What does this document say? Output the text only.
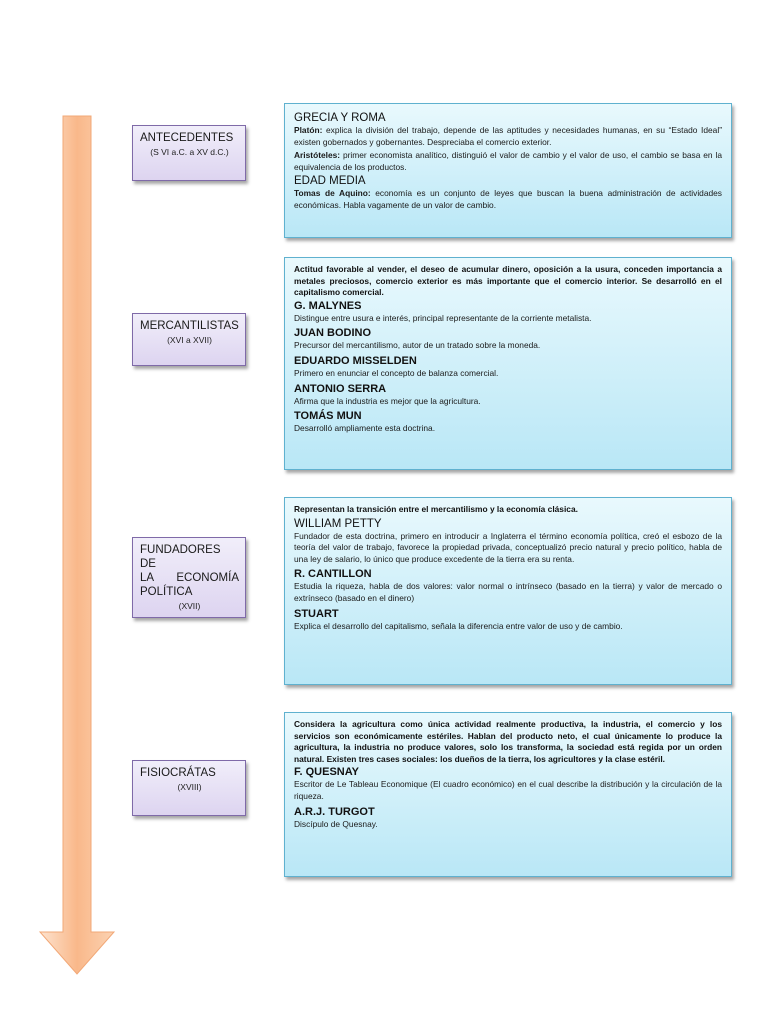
ANTECEDENTES
(S VI a.C. a XV d.C.)
GRECIA Y ROMA
Platón: explica la división del trabajo, depende de las aptitudes y necesidades humanas, en su “Estado Ideal” existen gobernados y gobernantes. Despreciaba el comercio exterior.
Aristóteles: primer economista analítico, distinguió el valor de cambio y el valor de uso, el cambio se basa en la equivalencia de los productos.
EDAD MEDIA
Tomas de Aquino: economía es un conjunto de leyes que buscan la buena administración de actividades económicas. Habla vagamente de un valor de cambio.
MERCANTILISTAS
(XVI a XVII)
Actitud favorable al vender, el deseo de acumular dinero, oposición a la usura, conceden importancia a metales preciosos, comercio exterior es más importante que el comercio interior. Se desarrolló en el capitalismo comercial.
G. MALYNES
Distingue entre usura e interés, principal representante de la corriente metalista.
JUAN BODINO
Precursor del mercantilismo, autor de un tratado sobre la moneda.
EDUARDO MISSELDEN
Primero en enunciar el concepto de balanza comercial.
ANTONIO SERRA
Afirma que la industria es mejor que la agricultura.
TOMÁS MUN
Desarrolló ampliamente esta doctrina.
FUNDADORES DE
LA ECONOMÍA
POLÍTICA
(XVII)
Representan la transición entre el mercantilismo y la economía clásica.
WILLIAM PETTY
Fundador de esta doctrina, primero en introducir a Inglaterra el término economía política, creó el esbozo de la teoría del valor de trabajo, favorece la propiedad privada, conceptualizó precio natural y precio político, habla de una ley de salario, lo único que produce excedente de la tierra era su renta.
R. CANTILLON
Estudia la riqueza, habla de dos valores: valor normal o intrínseco (basado en la tierra) y valor de mercado o extrínseco (basado en el dinero)
STUART
Explica el desarrollo del capitalismo, señala la diferencia entre valor de uso y de cambio.
FISIOCRÁTAS
(XVIII)
Considera la agricultura como única actividad realmente productiva, la industria, el comercio y los servicios son económicamente estériles. Hablan del producto neto, el cual únicamente lo produce la agricultura, la industria no produce valores, solo los transforma, la sociedad está regida por un orden natural. Existen tres cases sociales: los dueños de la tierra, los agricultores y la clase estéril.
F. QUESNAY
Escritor de Le Tableau Economique (El cuadro económico) en el cual describe la distribución y la circulación de la riqueza.
A.R.J. TURGOT
Discípulo de Quesnay.
